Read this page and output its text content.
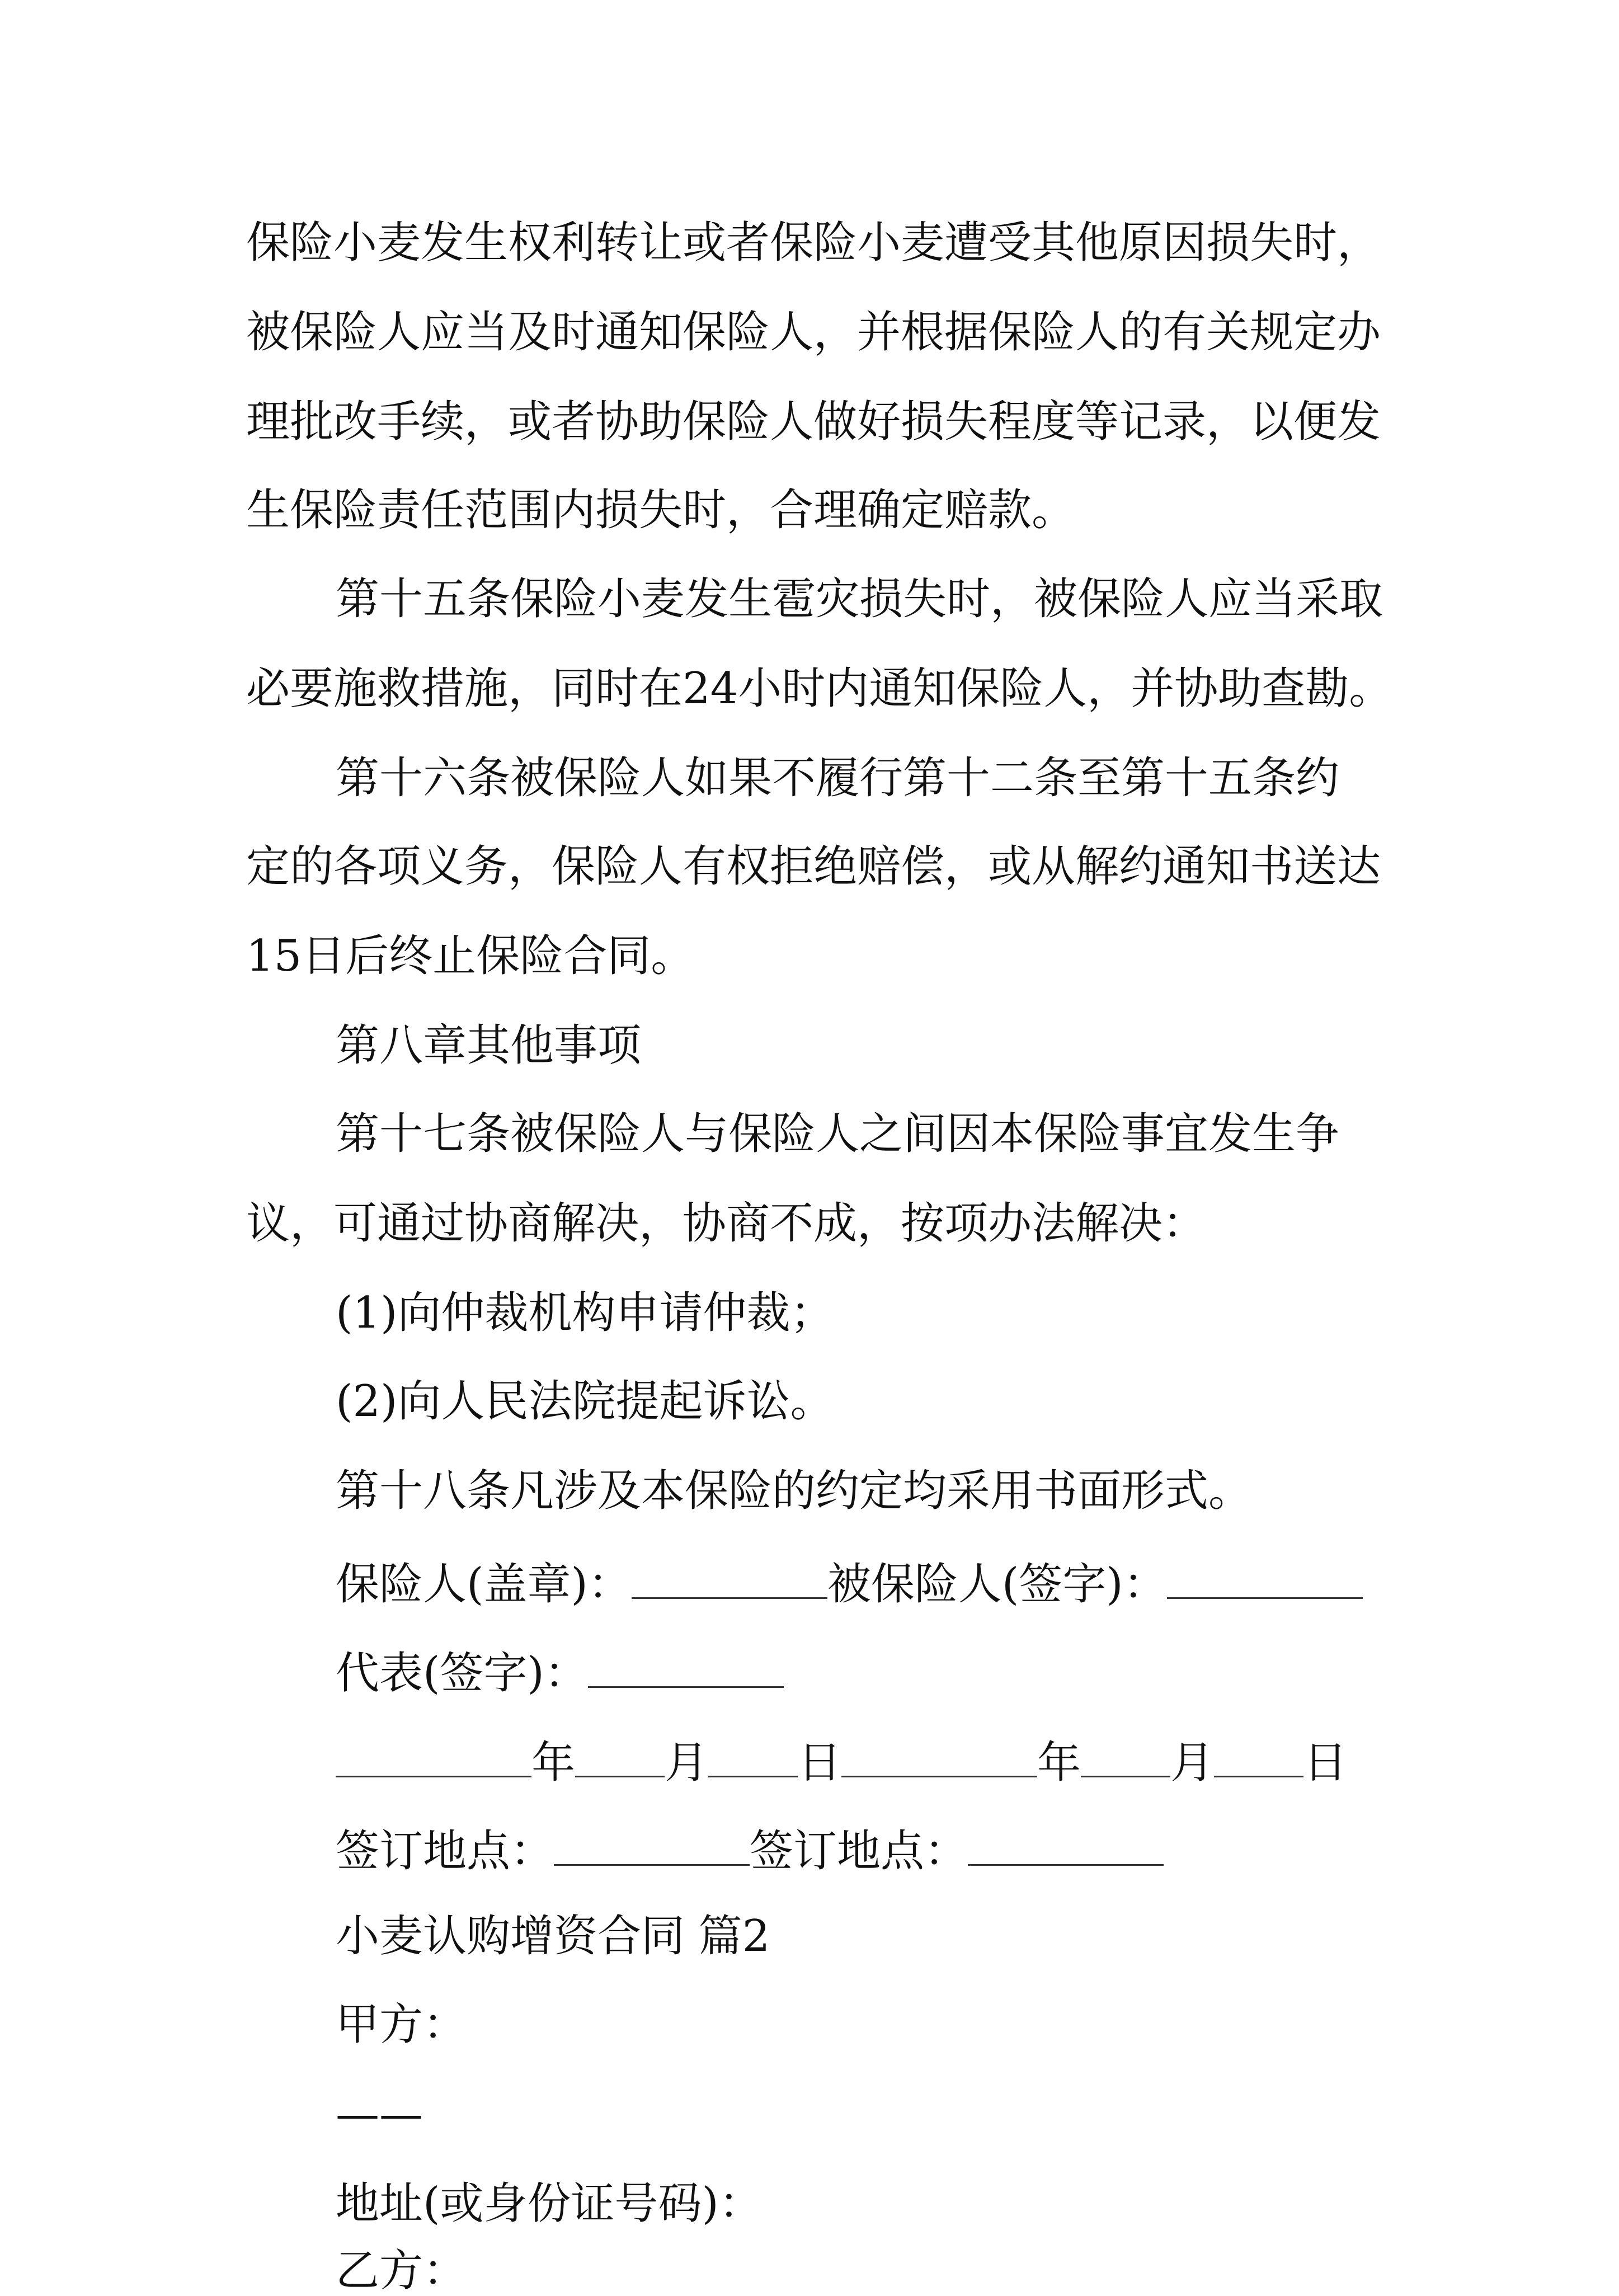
保险小麦发生权利转让或者保险小麦遭受其他原因损失时，

被保险人应当及时通知保险人，并根据保险人的有关规定办

理批改手续，或者协助保险人做好损失程度等记录，以便发

生保险责任范围内损失时，合理确定赔款。

第十五条保险小麦发生雹灾损失时，被保险人应当采取

必要施救措施，同时在24小时内通知保险人，并协助查勘。

第十六条被保险人如果不履行第十二条至第十五条约

定的各项义务，保险人有权拒绝赔偿，或从解约通知书送达

15日后终止保险合同。

第八章其他事项

第十七条被保险人与保险人之间因本保险事宜发生争

议，可通过协商解决，协商不成，按项办法解决：

(1)向仲裁机构申请仲裁；

(2)向人民法院提起诉讼。

第十八条凡涉及本保险的约定均采用书面形式。

保险人(盖章)：	被保险人(签字)：

代表(签字)：

年 月 日	年 月 日

签订地点：	签订地点：

小麦认购增资合同 篇2

甲方：

——

地址(或身份证号码)：

乙方：
